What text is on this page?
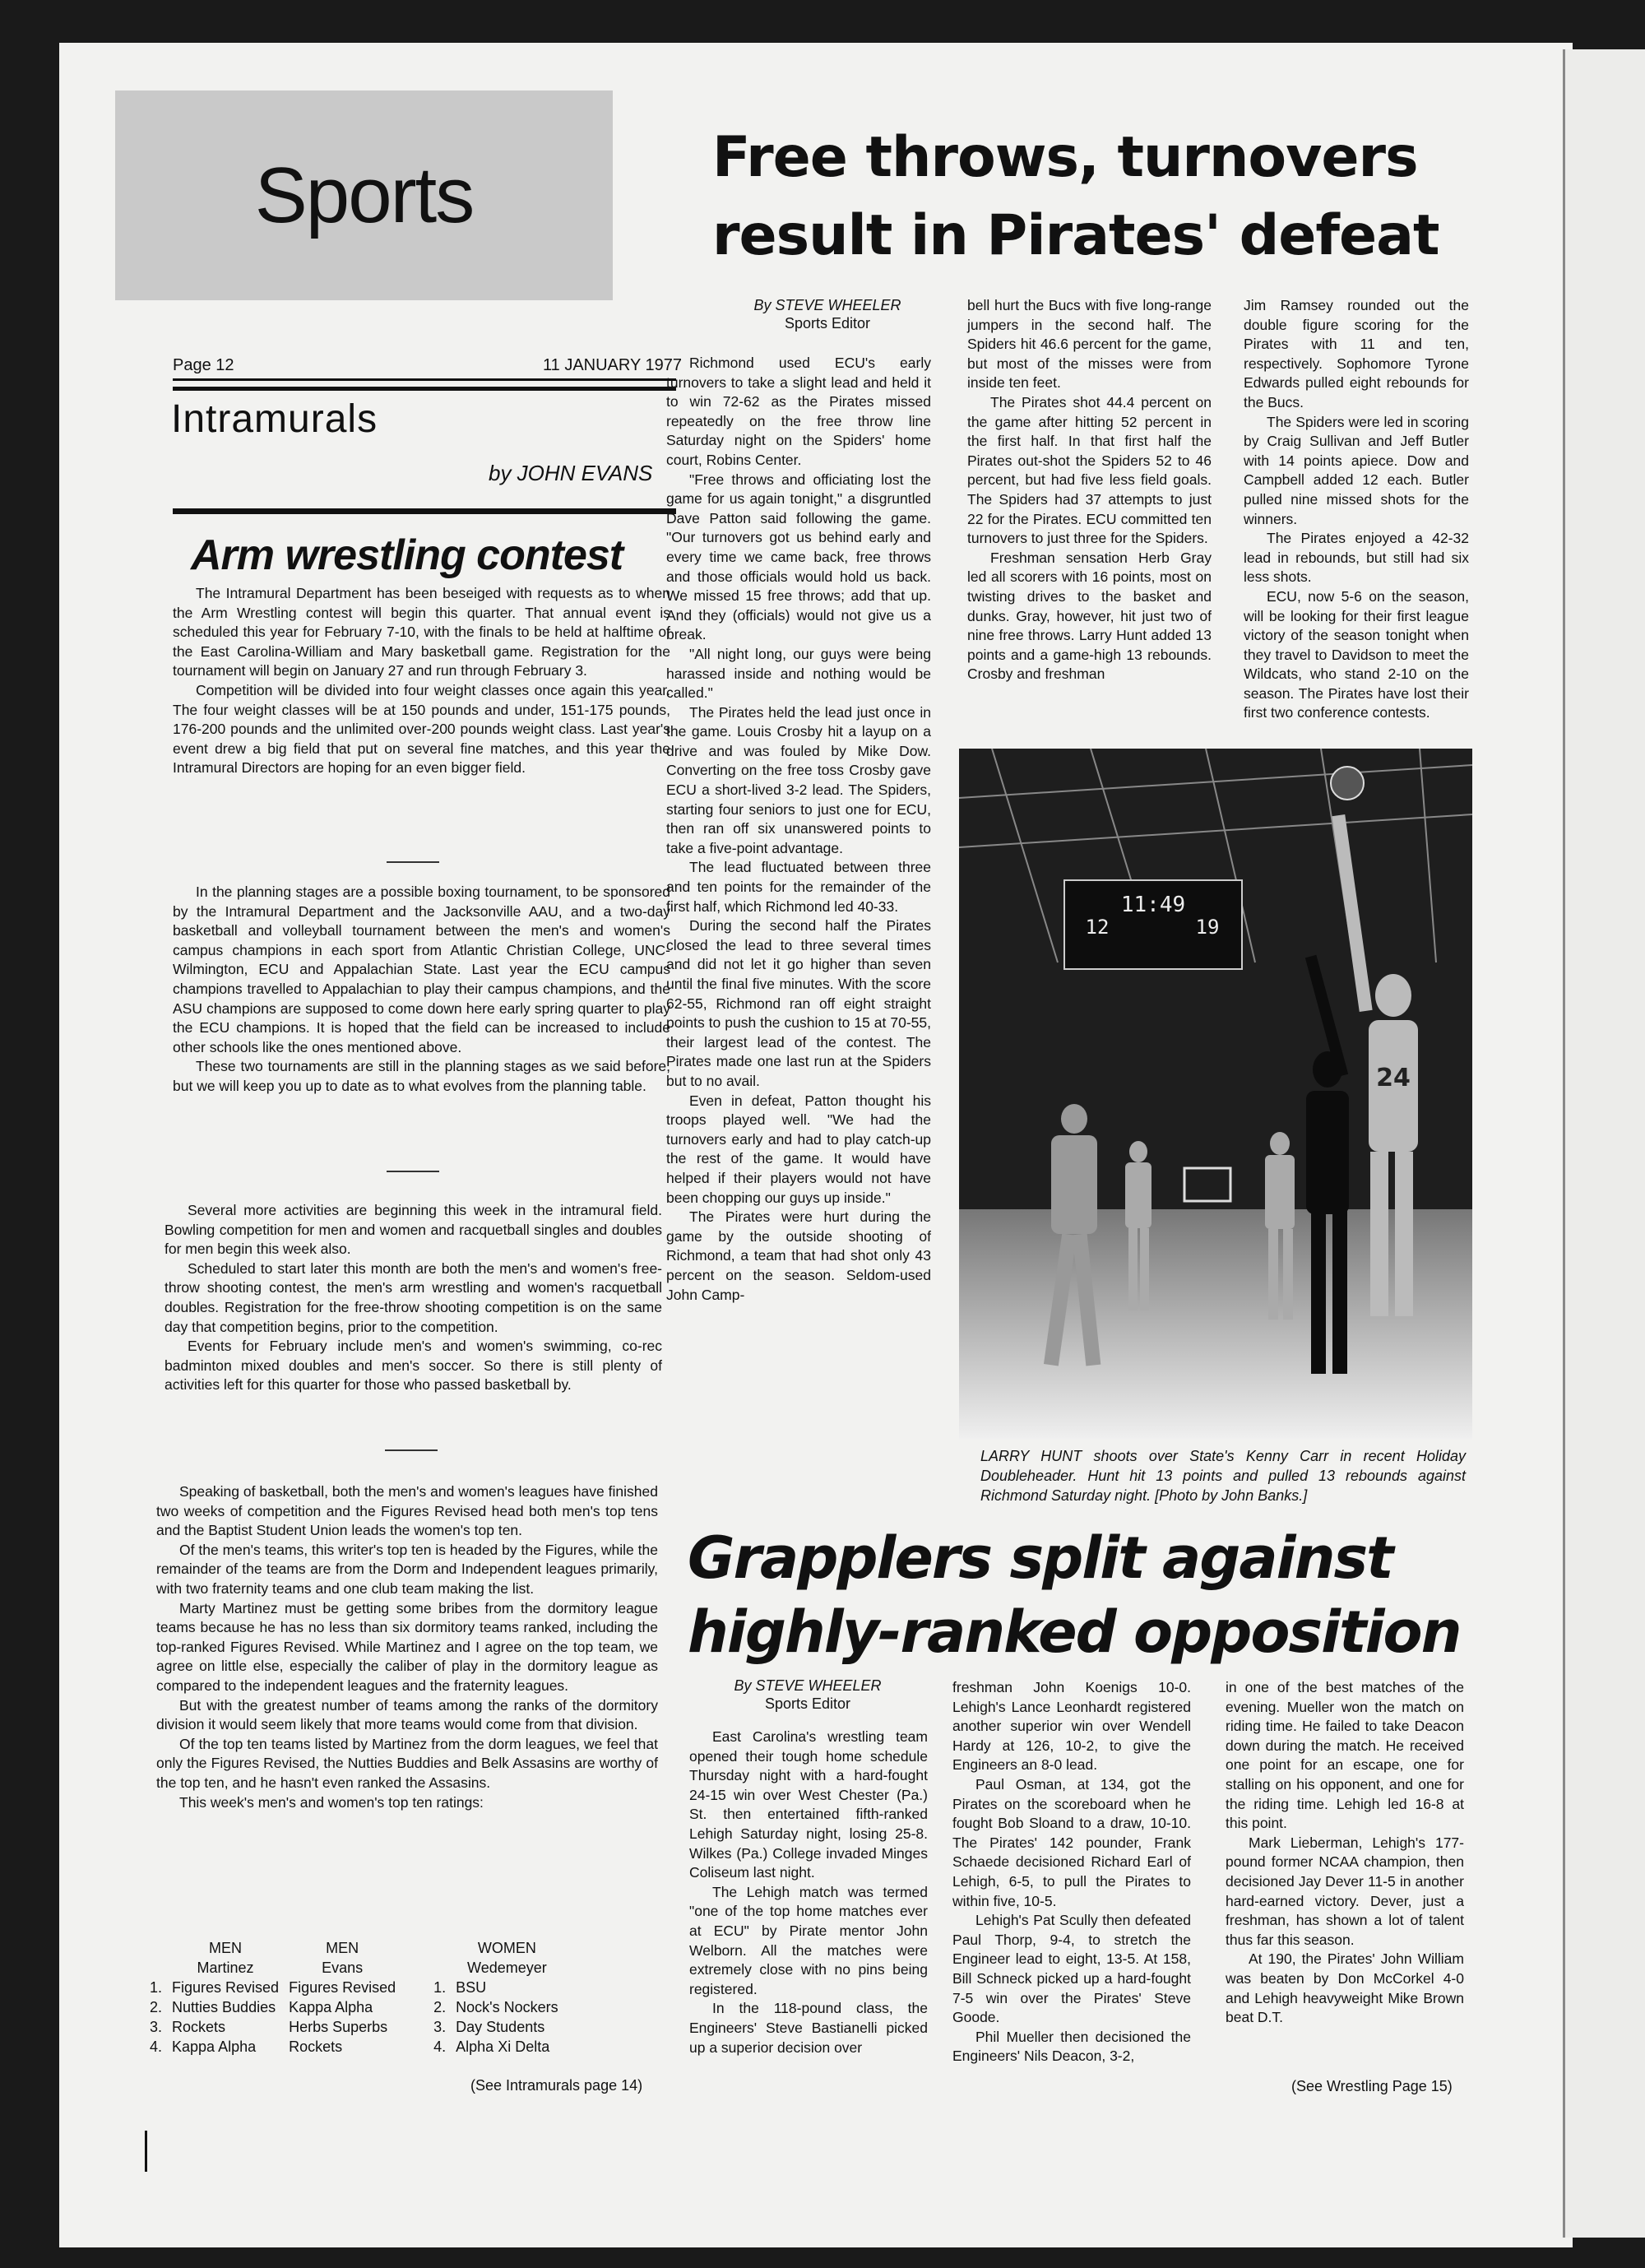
Sports
Page 12	11 JANUARY 1977
Intramurals
by JOHN EVANS
Arm wrestling contest

The Intramural Department has been beseiged with requests as to when the Arm Wrestling contest will begin this quarter. That annual event is scheduled this year for February 7-10, with the finals to be held at halftime of the East Carolina-William and Mary basketball game. Registration for the tournament will begin on January 27 and run through February 3.

Competition will be divided into four weight classes once again this year. The four weight classes will be at 150 pounds and under, 151-175 pounds, 176-200 pounds and the unlimited over-200 pounds weight class. Last year's event drew a big field that put on several fine matches, and this year the Intramural Directors are hoping for an even bigger field.

In the planning stages are a possible boxing tournament, to be sponsored by the Intramural Department and the Jacksonville AAU, and a two-day basketball and volleyball tournament between the men's and women's campus champions in each sport from Atlantic Christian College, UNC-Wilmington, ECU and Appalachian State. Last year the ECU campus champions travelled to Appalachian to play their campus champions, and the ASU champions are supposed to come down here early spring quarter to play the ECU champions. It is hoped that the field can be increased to include other schools like the ones mentioned above.

These two tournaments are still in the planning stages as we said before, but we will keep you up to date as to what evolves from the planning table.

Several more activities are beginning this week in the intramural field. Bowling competition for men and women and racquetball singles and doubles for men begin this week also.

Scheduled to start later this month are both the men's and women's free-throw shooting contest, the men's arm wrestling and women's racquetball doubles. Registration for the free-throw shooting competition is on the same day that competition begins, prior to the competition.

Events for February include men's and women's swimming, co-rec badminton mixed doubles and men's soccer. So there is still plenty of activities left for this quarter for those who passed basketball by.

Speaking of basketball, both the men's and women's leagues have finished two weeks of competition and the Figures Revised head both men's top tens and the Baptist Student Union leads the women's top ten.

Of the men's teams, this writer's top ten is headed by the Figures, while the remainder of the teams are from the Dorm and Independent leagues primarily, with two fraternity teams and one club team making the list.

Marty Martinez must be getting some bribes from the dormitory league teams because he has no less than six dormitory teams ranked, including the top-ranked Figures Revised. While Martinez and I agree on the top team, we agree on little else, especially the caliber of play in the dormitory league as compared to the independent leagues and the fraternity leagues.

But with the greatest number of teams among the ranks of the dormitory division it would seem likely that more teams would come from that division.

Of the top ten teams listed by Martinez from the dorm leagues, we feel that only the Figures Revised, the Nutties Buddies and Belk Assasins are worthy of the top ten, and he hasn't even ranked the Assasins.

This week's men's and women's top ten ratings:

	MEN	MEN		WOMEN
	Martinez	Evans		Wedemeyer
1.	Figures Revised	Figures Revised	1.	BSU
2.	Nutties Buddies	Kappa Alpha	2.	Nock's Nockers
3.	Rockets	Herbs Superbs	3.	Day Students
4.	Kappa Alpha	Rockets	4.	Alpha Xi Delta
(See Intramurals page 14)
Free throws, turnovers
result in Pirates' defeat
By STEVE WHEELER
Sports Editor

Richmond used ECU's early turnovers to take a slight lead and held it to win 72-62 as the Pirates missed repeatedly on the free throw line Saturday night on the Spiders' home court, Robins Center.

"Free throws and officiating lost the game for us again tonight," a disgruntled Dave Patton said following the game. "Our turnovers got us behind early and every time we came back, free throws and those officials would hold us back. We missed 15 free throws; add that up. And they (officials) would not give us a break.

"All night long, our guys were being harassed inside and nothing would be called."

The Pirates held the lead just once in the game. Louis Crosby hit a layup on a drive and was fouled by Mike Dow. Converting on the free toss Crosby gave ECU a short-lived 3-2 lead. The Spiders, starting four seniors to just one for ECU, then ran off six unanswered points to take a five-point advantage.

The lead fluctuated between three and ten points for the remainder of the first half, which Richmond led 40-33.

During the second half the Pirates closed the lead to three several times and did not let it go higher than seven until the final five minutes. With the score 62-55, Richmond ran off eight straight points to push the cushion to 15 at 70-55, their largest lead of the contest. The Pirates made one last run at the Spiders but to no avail.

Even in defeat, Patton thought his troops played well. "We had the turnovers early and had to play catch-up the rest of the game. It would have helped if their players would not have been chopping our guys up inside."

The Pirates were hurt during the game by the outside shooting of Richmond, a team that had shot only 43 percent on the season. Seldom-used John Camp-

bell hurt the Bucs with five long-range jumpers in the second half. The Spiders hit 46.6 percent for the game, but most of the misses were from inside ten feet.

The Pirates shot 44.4 percent on the game after hitting 52 percent in the first half. In that first half the Pirates out-shot the Spiders 52 to 46 percent, but had five less field goals. The Spiders had 37 attempts to just 22 for the Pirates. ECU committed ten turnovers to just three for the Spiders.

Freshman sensation Herb Gray led all scorers with 16 points, most on twisting drives to the basket and dunks. Gray, however, hit just two of nine free throws. Larry Hunt added 13 points and a game-high 13 rebounds. Crosby and freshman

Jim Ramsey rounded out the double figure scoring for the Pirates with 11 and ten, respectively. Sophomore Tyrone Edwards pulled eight rebounds for the Bucs.

The Spiders were led in scoring by Craig Sullivan and Jeff Butler with 14 points apiece. Dow and Campbell added 12 each. Butler pulled nine missed shots for the winners.

The Pirates enjoyed a 42-32 lead in rebounds, but still had six less shots.

ECU, now 5-6 on the season, will be looking for their first league victory of the season tonight when they travel to Davidson to meet the Wildcats, who stand 2-10 on the season. The Pirates have lost their first two conference contests.

11:49
12	19
24
LARRY HUNT shoots over State's Kenny Carr in recent Holiday Doubleheader. Hunt hit 13 points and pulled 13 rebounds against Richmond Saturday night. [Photo by John Banks.]
Grapplers split against
highly-ranked opposition
By STEVE WHEELER
Sports Editor

East Carolina's wrestling team opened their tough home schedule Thursday night with a hard-fought 24-15 win over West Chester (Pa.) St. then entertained fifth-ranked Lehigh Saturday night, losing 25-8. Wilkes (Pa.) College invaded Minges Coliseum last night.

The Lehigh match was termed "one of the top home matches ever at ECU" by Pirate mentor John Welborn. All the matches were extremely close with no pins being registered.

In the 118-pound class, the Engineers' Steve Bastianelli picked up a superior decision over

freshman John Koenigs 10-0. Lehigh's Lance Leonhardt registered another superior win over Wendell Hardy at 126, 10-2, to give the Engineers an 8-0 lead.

Paul Osman, at 134, got the Pirates on the scoreboard when he fought Bob Sloand to a draw, 10-10. The Pirates' 142 pounder, Frank Schaede decisioned Richard Earl of Lehigh, 6-5, to pull the Pirates to within five, 10-5.

Lehigh's Pat Scully then defeated Paul Thorp, 9-4, to stretch the Engineer lead to eight, 13-5. At 158, Bill Schneck picked up a hard-fought 7-5 win over the Pirates' Steve Goode.

Phil Mueller then decisioned the Engineers' Nils Deacon, 3-2,

in one of the best matches of the evening. Mueller won the match on riding time. He failed to take Deacon down during the match. He received one point for an escape, one for stalling on his opponent, and one for the riding time. Lehigh led 16-8 at this point.

Mark Lieberman, Lehigh's 177-pound former NCAA champion, then decisioned Jay Dever 11-5 in another hard-earned victory. Dever, just a freshman, has shown a lot of talent thus far this season.

At 190, the Pirates' John William was beaten by Don McCorkel 4-0 and Lehigh heavyweight Mike Brown beat D.T.

(See Wrestling Page 15)
